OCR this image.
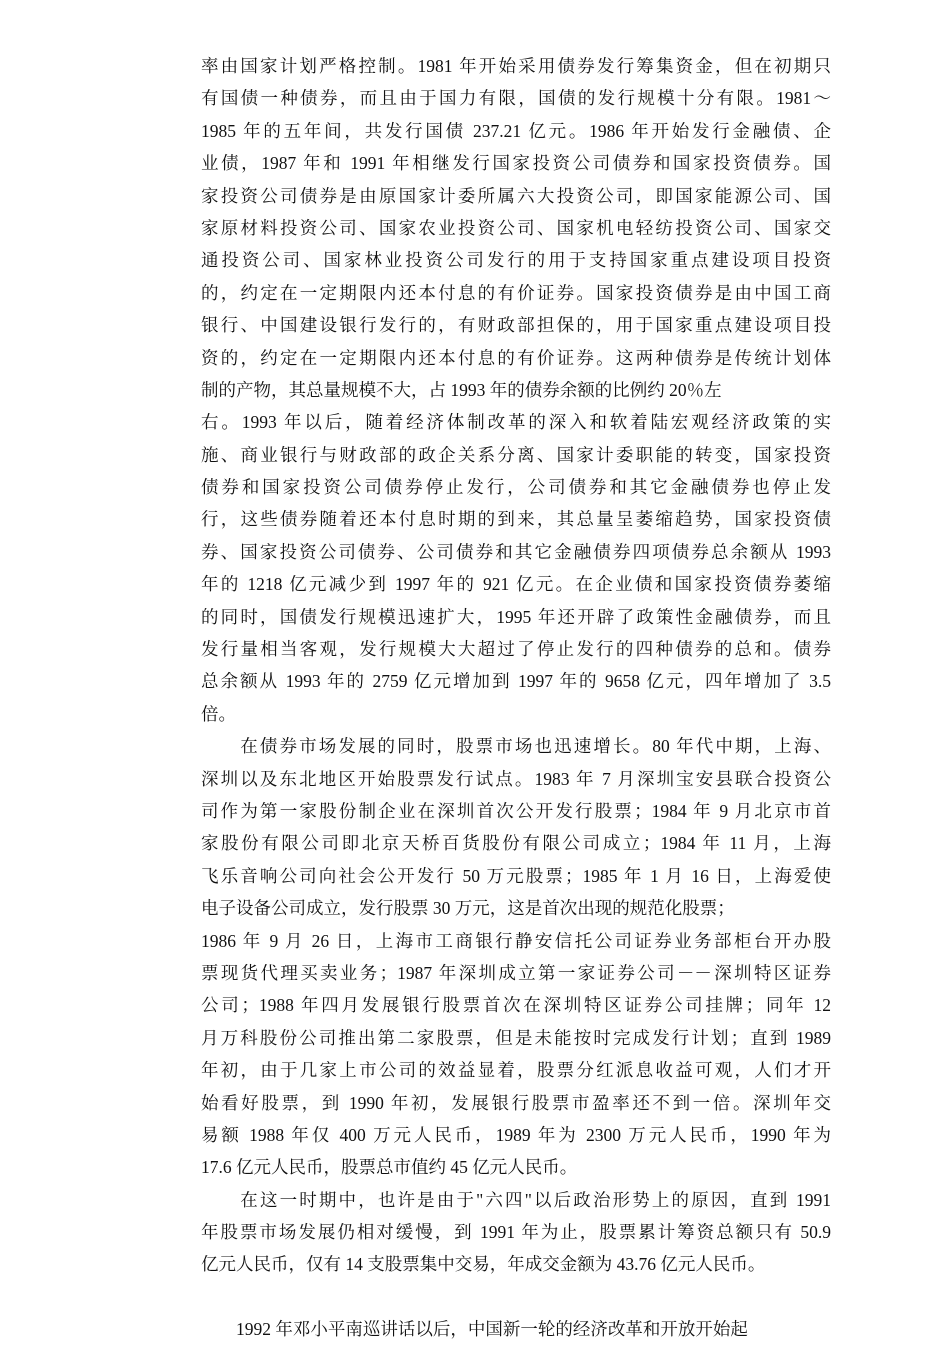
率由国家计划严格控制。1981 年开始采用债券发行筹集资金，但在初期只
有国债一种债券，而且由于国力有限，国债的发行规模十分有限。1981～
1985 年的五年间，共发行国债 237.21 亿元。1986 年开始发行金融债、企
业债，1987 年和 1991 年相继发行国家投资公司债券和国家投资债券。国
家投资公司债券是由原国家计委所属六大投资公司，即国家能源公司、国
家原材料投资公司、国家农业投资公司、国家机电轻纺投资公司、国家交
通投资公司、国家林业投资公司发行的用于支持国家重点建设项目投资
的，约定在一定期限内还本付息的有价证券。国家投资债券是由中国工商
银行、中国建设银行发行的，有财政部担保的，用于国家重点建设项目投
资的，约定在一定期限内还本付息的有价证券。这两种债券是传统计划体
制的产物，其总量规模不大，占 1993 年的债券余额的比例约 20％左
右。1993 年以后，随着经济体制改革的深入和软着陆宏观经济政策的实
施、商业银行与财政部的政企关系分离、国家计委职能的转变，国家投资
债券和国家投资公司债券停止发行，公司债券和其它金融债券也停止发
行，这些债券随着还本付息时期的到来，其总量呈萎缩趋势，国家投资债
券、国家投资公司债券、公司债券和其它金融债券四项债券总余额从 1993
年的 1218 亿元减少到 1997 年的 921 亿元。在企业债和国家投资债券萎缩
的同时，国债发行规模迅速扩大，1995 年还开辟了政策性金融债券，而且
发行量相当客观，发行规模大大超过了停止发行的四种债券的总和。债券
总余额从 1993 年的 2759 亿元增加到 1997 年的 9658 亿元，四年增加了 3.5
倍。
　　在债券市场发展的同时，股票市场也迅速增长。80 年代中期，上海、
深圳以及东北地区开始股票发行试点。1983 年 7 月深圳宝安县联合投资公
司作为第一家股份制企业在深圳首次公开发行股票；1984 年 9 月北京市首
家股份有限公司即北京天桥百货股份有限公司成立；1984 年 11 月，上海
飞乐音响公司向社会公开发行 50 万元股票；1985 年 1 月 16 日，上海爱使
电子设备公司成立，发行股票 30 万元，这是首次出现的规范化股票；
1986 年 9 月 26 日，上海市工商银行静安信托公司证券业务部柜台开办股
票现货代理买卖业务；1987 年深圳成立第一家证券公司－－深圳特区证券
公司；1988 年四月发展银行股票首次在深圳特区证券公司挂牌；同年 12
月万科股份公司推出第二家股票，但是未能按时完成发行计划；直到 1989
年初，由于几家上市公司的效益显着，股票分红派息收益可观，人们才开
始看好股票，到 1990 年初，发展银行股票市盈率还不到一倍。深圳年交
易额 1988 年仅 400 万元人民币，1989 年为 2300 万元人民币，1990 年为
17.6 亿元人民币，股票总市值约 45 亿元人民币。
　　在这一时期中，也许是由于"六四"以后政治形势上的原因，直到 1991
年股票市场发展仍相对缓慢，到 1991 年为止，股票累计筹资总额只有 50.9
亿元人民币，仅有 14 支股票集中交易，年成交金额为 43.76 亿元人民币。
　　1992 年邓小平南巡讲话以后，中国新一轮的经济改革和开放开始起
